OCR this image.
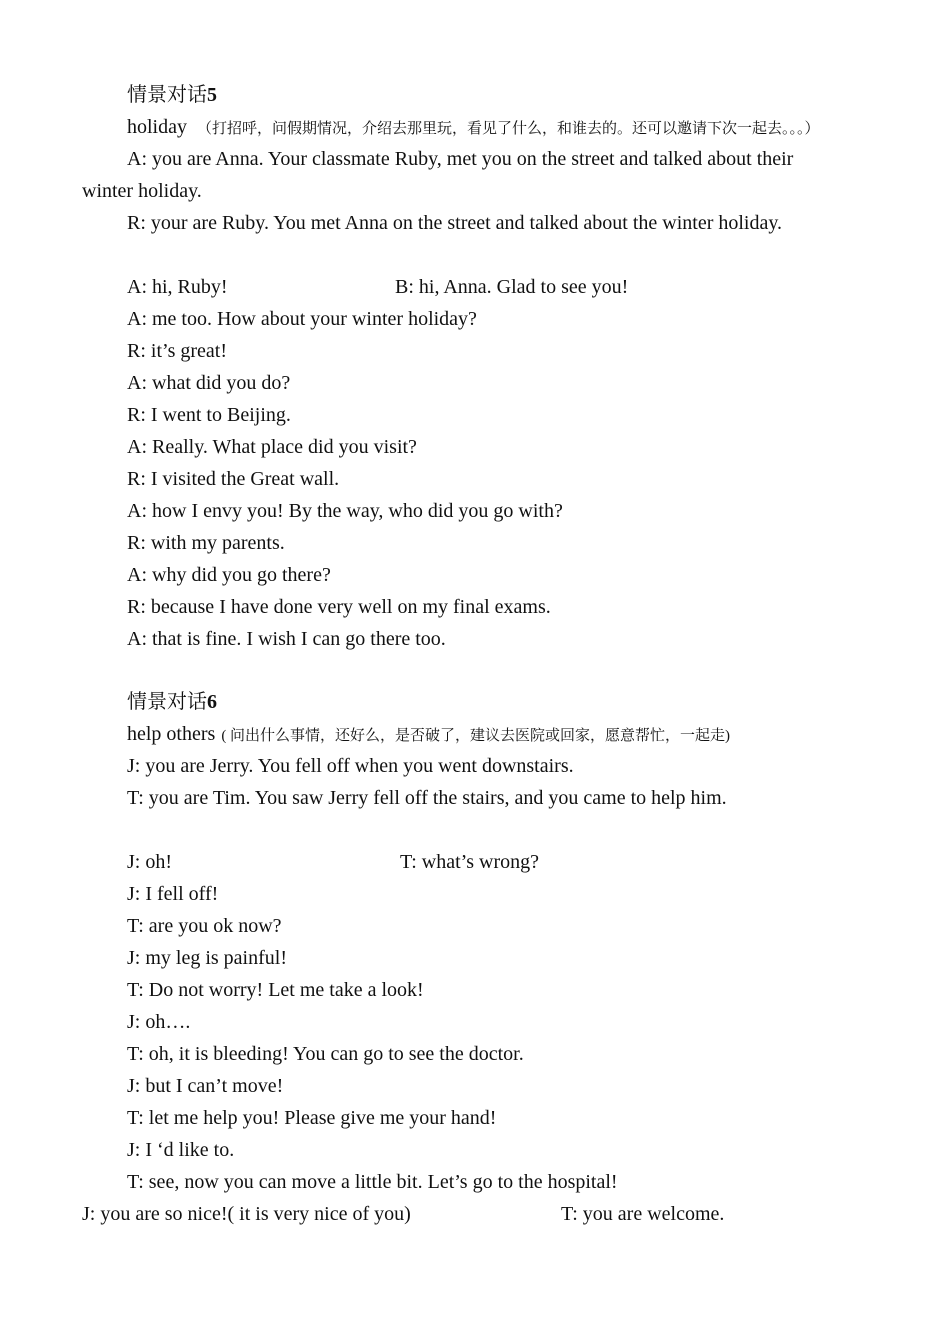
情景对话5
holiday （打招呼，问假期情况，介绍去那里玩，看见了什么，和谁去的。还可以邀请下次一起去。。。）
A: you are Anna. Your classmate Ruby, met you on the street and talked about their
winter holiday.
R: your are Ruby. You met Anna on the street and talked about the winter holiday.
A: hi, Ruby!	B: hi, Anna. Glad to see you!
A: me too. How about your winter holiday?
R: it’s great!
A: what did you do?
R: I went to Beijing.
A: Really. What place did you visit?
R: I visited the Great wall.
A: how I envy you! By the way, who did you go with?
R: with my parents.
A: why did you go there?
R: because I have done very well on my final exams.
A: that is fine. I wish I can go there too.
情景对话6
help others ( 问出什么事情，还好么，是否破了，建议去医院或回家，愿意帮忙，一起走)
J: you are Jerry. You fell off when you went downstairs.
T: you are Tim. You saw Jerry fell off the stairs, and you came to help him.
J: oh!	T: what’s wrong?
J: I fell off!
T: are you ok now?
J: my leg is painful!
T: Do not worry! Let me take a look!
J: oh….
T: oh, it is bleeding! You can go to see the doctor.
J: but I can’t move!
T: let me help you! Please give me your hand!
J: I ‘d like to.
T: see, now you can move a little bit. Let’s go to the hospital!
J: you are so nice!( it is very nice of you)	T: you are welcome.
